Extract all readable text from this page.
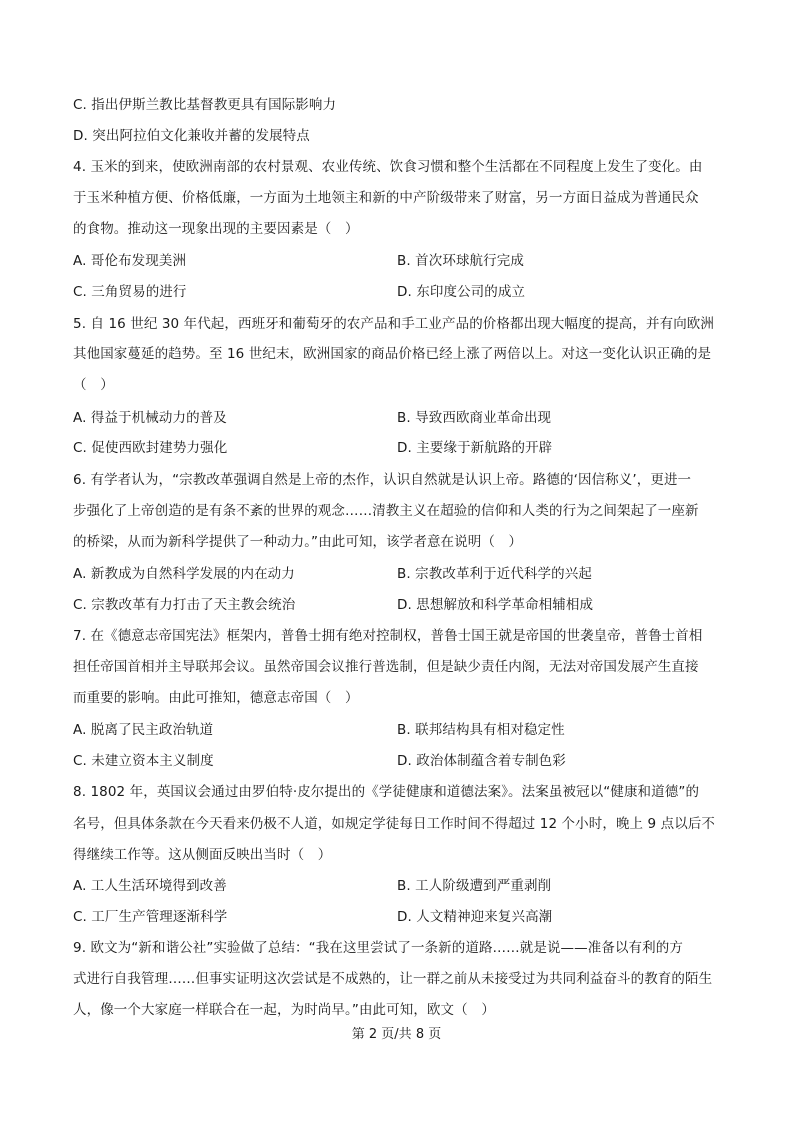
C. 指出伊斯兰教比基督教更具有国际影响力
D. 突出阿拉伯文化兼收并蓄的发展特点
4. 玉米的到来，使欧洲南部的农村景观、农业传统、饮食习惯和整个生活都在不同程度上发生了变化。由
于玉米种植方便、价格低廉，一方面为土地领主和新的中产阶级带来了财富，另一方面日益成为普通民众
的食物。推动这一现象出现的主要因素是（　）
A. 哥伦布发现美洲	B. 首次环球航行完成
C. 三角贸易的进行	D. 东印度公司的成立
5. 自 16 世纪 30 年代起，西班牙和葡萄牙的农产品和手工业产品的价格都出现大幅度的提高，并有向欧洲
其他国家蔓延的趋势。至 16 世纪末，欧洲国家的商品价格已经上涨了两倍以上。对这一变化认识正确的是
（　）
A. 得益于机械动力的普及	B. 导致西欧商业革命出现
C. 促使西欧封建势力强化	D. 主要缘于新航路的开辟
6. 有学者认为，“宗教改革强调自然是上帝的杰作，认识自然就是认识上帝。路德的‘因信称义’，更进一
步强化了上帝创造的是有条不紊的世界的观念……清教主义在超验的信仰和人类的行为之间架起了一座新
的桥梁，从而为新科学提供了一种动力。”由此可知，该学者意在说明（　）
A. 新教成为自然科学发展的内在动力	B. 宗教改革利于近代科学的兴起
C. 宗教改革有力打击了天主教会统治	D. 思想解放和科学革命相辅相成
7. 在《德意志帝国宪法》框架内，普鲁士拥有绝对控制权，普鲁士国王就是帝国的世袭皇帝，普鲁士首相
担任帝国首相并主导联邦会议。虽然帝国会议推行普选制，但是缺少责任内阁，无法对帝国发展产生直接
而重要的影响。由此可推知，德意志帝国（　）
A. 脱离了民主政治轨道	B. 联邦结构具有相对稳定性
C. 未建立资本主义制度	D. 政治体制蕴含着专制色彩
8. 1802 年，英国议会通过由罗伯特·皮尔提出的《学徒健康和道德法案》。法案虽被冠以“健康和道德”的
名号，但具体条款在今天看来仍极不人道，如规定学徒每日工作时间不得超过 12 个小时，晚上 9 点以后不
得继续工作等。这从侧面反映出当时（　）
A. 工人生活环境得到改善	B. 工人阶级遭到严重剥削
C. 工厂生产管理逐渐科学	D. 人文精神迎来复兴高潮
9. 欧文为“新和谐公社”实验做了总结：“我在这里尝试了一条新的道路……就是说——准备以有利的方
式进行自我管理……但事实证明这次尝试是不成熟的，让一群之前从未接受过为共同利益奋斗的教育的陌生
人，像一个大家庭一样联合在一起，为时尚早。”由此可知，欧文（　）
第 2 页/共 8 页
